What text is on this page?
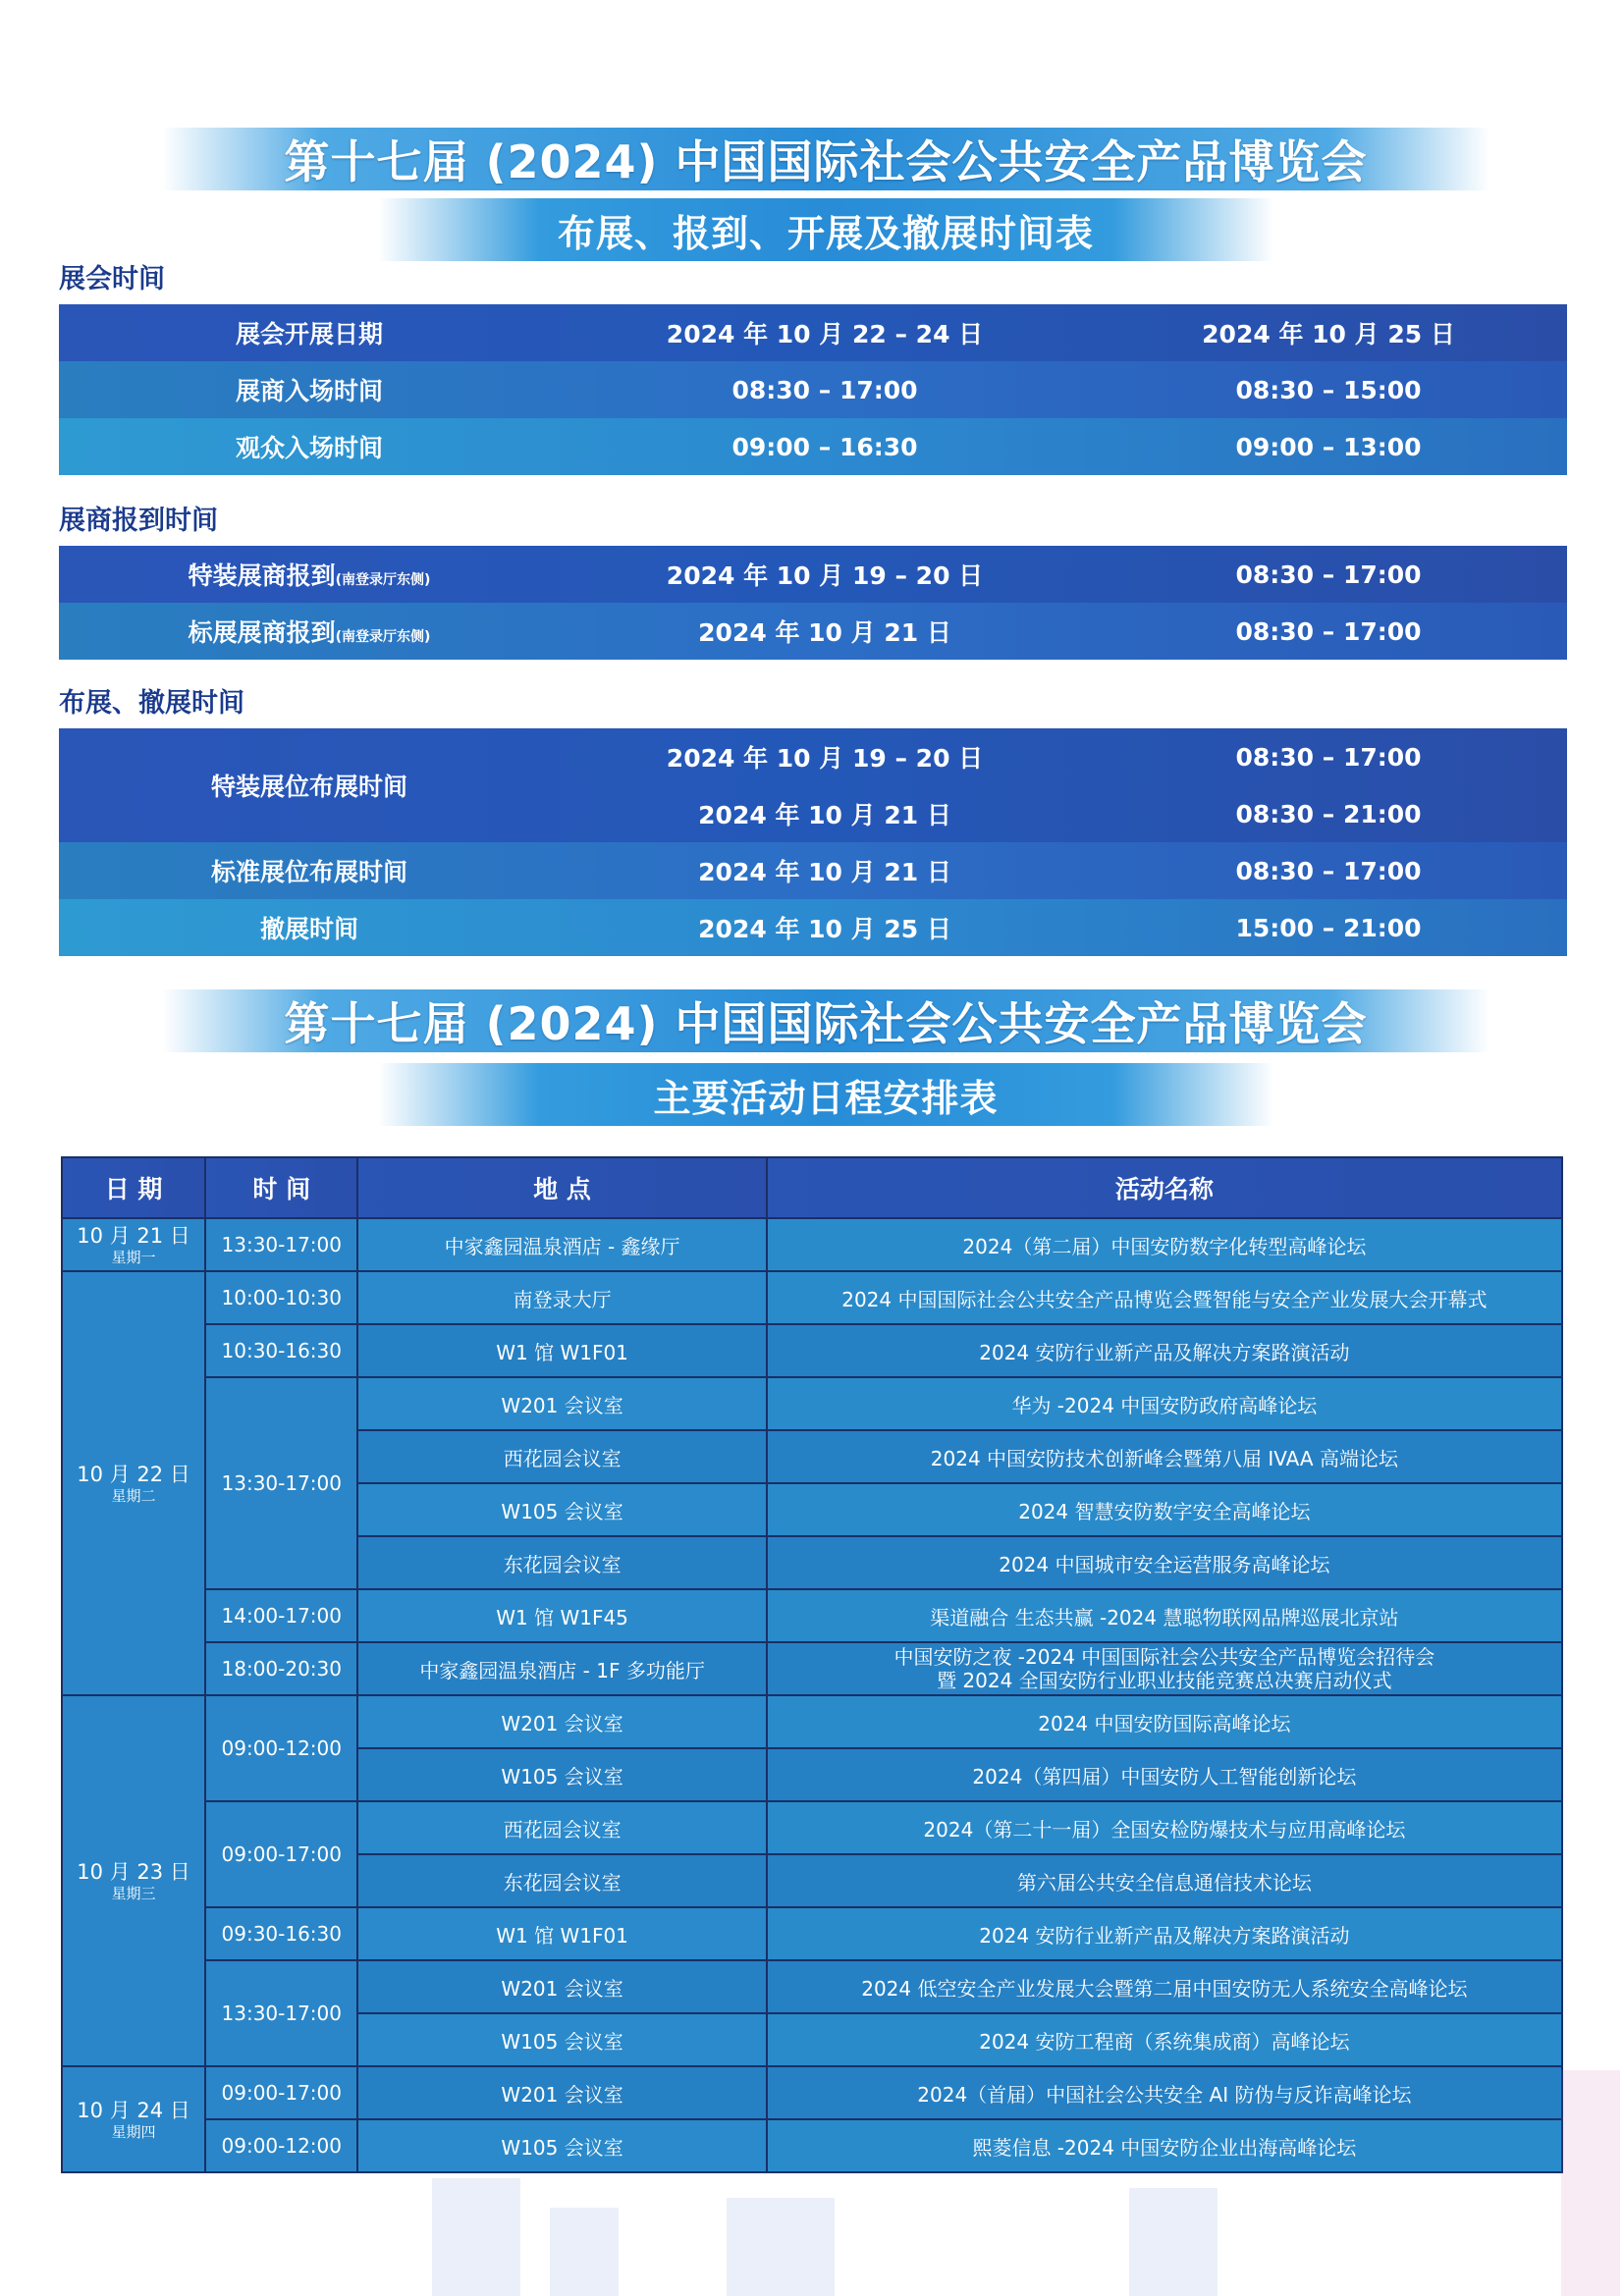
第十七届 (2024) 中国国际社会公共安全产品博览会
布展、报到、开展及撤展时间表
展会时间
展会开展日期	2024 年 10 月 22 – 24 日	2024 年 10 月 25 日
展商入场时间	08:30 – 17:00	08:30 – 15:00
观众入场时间	09:00 – 16:30	09:00 – 13:00
展商报到时间
特装展商报到(南登录厅东侧)	2024 年 10 月 19 – 20 日	08:30 – 17:00
标展展商报到(南登录厅东侧)	2024 年 10 月 21 日	08:30 – 17:00
布展、撤展时间
特装展位布展时间	2024 年 10 月 19 – 20 日	08:30 – 17:00
	2024 年 10 月 21 日	08:30 – 21:00
标准展位布展时间	2024 年 10 月 21 日	08:30 – 17:00
撤展时间	2024 年 10 月 25 日	15:00 – 21:00
第十七届 (2024) 中国国际社会公共安全产品博览会
主要活动日程安排表
日 期	时 间	地 点	活动名称

10 月 21 日
星期一	13:30-17:00	中家鑫园温泉酒店 - 鑫缘厅	2024（第二届）中国安防数字化转型高峰论坛

10 月 22 日
星期二	10:00-10:30	南登录大厅	2024 中国国际社会公共安全产品博览会暨智能与安全产业发展大会开幕式
	10:30-16:30	W1 馆 W1F01	2024 安防行业新产品及解决方案路演活动
	13:30-17:00	W201 会议室	华为 -2024 中国安防政府高峰论坛
		西花园会议室	2024 中国安防技术创新峰会暨第八届 IVAA 高端论坛
		W105 会议室	2024 智慧安防数字安全高峰论坛
		东花园会议室	2024 中国城市安全运营服务高峰论坛
	14:00-17:00	W1 馆 W1F45	渠道融合 生态共赢 -2024 慧聪物联网品牌巡展北京站
	18:00-20:30	中家鑫园温泉酒店 - 1F 多功能厅	中国安防之夜 -2024 中国国际社会公共安全产品博览会招待会
暨 2024 全国安防行业职业技能竞赛总决赛启动仪式

10 月 23 日
星期三	09:00-12:00	W201 会议室	2024 中国安防国际高峰论坛
		W105 会议室	2024（第四届）中国安防人工智能创新论坛
	09:00-17:00	西花园会议室	2024（第二十一届）全国安检防爆技术与应用高峰论坛
		东花园会议室	第六届公共安全信息通信技术论坛
	09:30-16:30	W1 馆 W1F01	2024 安防行业新产品及解决方案路演活动
	13:30-17:00	W201 会议室	2024 低空安全产业发展大会暨第二届中国安防无人系统安全高峰论坛
		W105 会议室	2024 安防工程商（系统集成商）高峰论坛

10 月 24 日
星期四	09:00-17:00	W201 会议室	2024（首届）中国社会公共安全 AI 防伪与反诈高峰论坛
	09:00-12:00	W105 会议室	熙菱信息 -2024 中国安防企业出海高峰论坛
